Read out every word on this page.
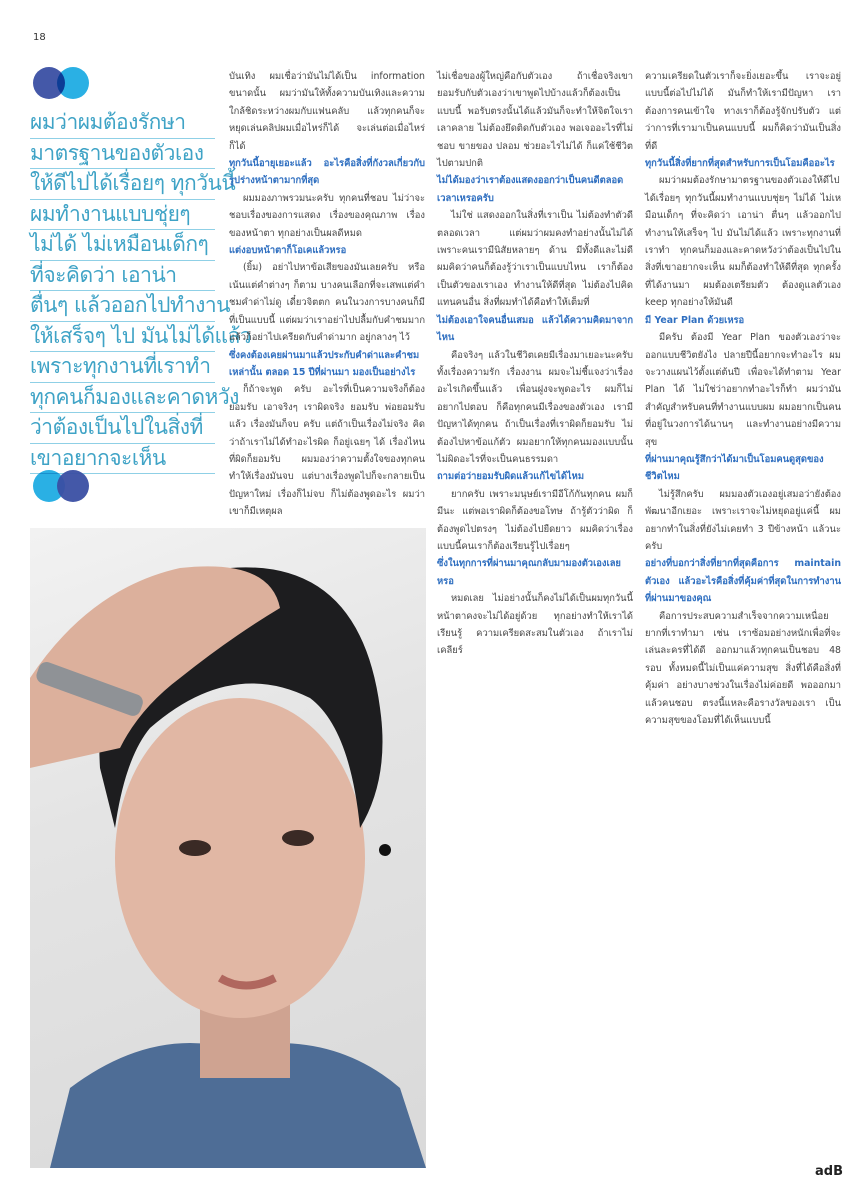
18
ผมว่าผมต้องรักษา
มาตรฐานของตัวเอง
ให้ดีไปได้เรื่อยๆ ทุกวันนี้
ผมทำงานแบบชุ่ยๆ
ไม่ได้ ไม่เหมือนเด็กๆ
ที่จะคิดว่า เอาน่า
ตื่นๆ แล้วออกไปทำงาน
ให้เสร็จๆ ไป มันไม่ได้แล้ว
เพราะทุกงานที่เราทำ
ทุกคนก็มองและคาดหวัง
ว่าต้องเป็นไปในสิ่งที่
เขาอยากจะเห็น

บันเทิง ผมเชื่อว่ามันไม่ได้เป็น information ขนาดนั้น ผมว่ามันให้ทั้งความบันเทิงและความใกล้ชิดระหว่างผมกับแฟนคลับ แล้วทุกคนก็จะหยุดเล่นคลิปผมเมื่อไหร่ก็ได้ จะเล่นต่อเมื่อไหร่ก็ได้

ทุกวันนี้อายุเยอะแล้ว อะไรคือสิ่งที่กังวลเกี่ยวกับรูปร่างหน้าตามากที่สุด

ผมมองภาพรวมนะครับ ทุกคนที่ชอบ ไม่ว่าจะชอบเรื่องของการแสดง เรื่องของคุณภาพ เรื่องของหน้าตา ทุกอย่างเป็นผลดีหมด

แต่งอบหน้าตาก็โอเคแล้วหรอ

(ยิ้ม) อย่าไปหาข้อเสียของมันเลยครับ หรือเน้นแต่คำต่างๆ ก็ตาม บางคนเลือกที่จะเสพแต่คำชมคำด่าไม่ดู เดี๋ยวจิตตก คนในวงการบางคนก็มีที่เป็นแบบนี้ แต่ผมว่าเราอย่าไปปลื้มกับคำชมมาก แล้วก็อย่าไปเครียดกับคำด่ามาก อยู่กลางๆ ไว้

ซึ่งคงต้องเคยผ่านมาแล้วประกับคำด่าและคำชมเหล่านั้น ตลอด 15 ปีที่ผ่านมา มองเป็นอย่างไร

ก็ถ้าจะพูด ครับ อะไรที่เป็นความจริงก็ต้องยอมรับ เอาจริงๆ เราผิดจริง ยอมรับ พ่อยอมรับแล้ว เรื่องมันก็จบ ครับ แต่ถ้าเป็นเรื่องไม่จริง คิดว่าถ้าเราไม่ได้ทำอะไรผิด ก็อยู่เฉยๆ ได้ เรื่องไหนที่ผิดก็ยอมรับ ผมมองว่าความตั้งใจของทุกคนทำให้เรื่องมันจบ แต่บางเรื่องพูดไปก็จะกลายเป็นปัญหาใหม่ เรื่องก็ไม่จบ ก็ไม่ต้องพูดอะไร ผมว่าเขาก็มีเหตุผล

ไม่เชื่อของผู้ใหญ่คือกับตัวเอง ถ้าเชื่อจริงเขายอมรับกับตัวเองว่าเขาพูดไปบ้างแล้วก็ต้องเป็นแบบนี้ พอรับตรงนั้นได้แล้วมันก็จะทำให้จิตใจเราเลาคลาย ไม่ต้องยึดติดกับตัวเอง พอเจออะไรที่ไม่ชอบ ขายของ ปลอม ช่วยอะไรไม่ได้ ก็แค่ใช้ชีวิตไปตามปกติ

ไม่ได้มองว่าเราต้องแสดงออกว่าเป็นคนดีตลอดเวลาเหรอครับ

ไม่ใช่ แสดงออกในสิ่งที่เราเป็น ไม่ต้องทำตัวดีตลอดเวลา แต่ผมว่าผมคงทำอย่างนั้นไม่ได้ เพราะคนเรามีนิสัยหลายๆ ด้าน มีทั้งดีและไม่ดี ผมคิดว่าคนก็ต้องรู้ว่าเราเป็นแบบไหน เราก็ต้องเป็นตัวของเราเอง ทำงานให้ดีที่สุด ไม่ต้องไปคิดแทนคนอื่น สิ่งที่ผมทำได้คือทำให้เต็มที่

ไม่ต้องเอาใจคนอื่นเสมอ แล้วได้ความคิดมาจากไหน

คือจริงๆ แล้วในชีวิตเคยมีเรื่องมาเยอะนะครับ ทั้งเรื่องความรัก เรื่องงาน ผมจะไม่ชี้แจงว่าเรื่องอะไรเกิดขึ้นแล้ว เพื่อนฝูงจะพูดอะไร ผมก็ไม่อยากไปตอบ ก็คือทุกคนมีเรื่องของตัวเอง เรามีปัญหาได้ทุกคน ถ้าเป็นเรื่องที่เราผิดก็ยอมรับ ไม่ต้องไปหาข้อแก้ตัว ผมอยากให้ทุกคนมองแบบนั้น ไม่ผิดอะไรที่จะเป็นคนธรรมดา

ถามต่อว่ายอมรับผิดแล้วแก้ไขได้ไหม

ยากครับ เพราะมนุษย์เรามีอีโก้กันทุกคน ผมก็มีนะ แต่พอเราผิดก็ต้องขอโทษ ถ้ารู้ตัวว่าผิด ก็ต้องพูดไปตรงๆ ไม่ต้องไปยืดยาว ผมคิดว่าเรื่องแบบนี้คนเราก็ต้องเรียนรู้ไปเรื่อยๆ

ซึ่งในทุกการที่ผ่านมาคุณกลับมามองตัวเองเลยหรอ

หมดเลย ไม่อย่างนั้นก็คงไม่ได้เป็นผมทุกวันนี้ หน้าตาคงจะไม่ได้อยู่ด้วย ทุกอย่างทำให้เราได้เรียนรู้ ความเครียดสะสมในตัวเอง ถ้าเราไม่เคลียร์

ความเครียดในตัวเราก็จะยิ่งเยอะขึ้น เราจะอยู่แบบนี้ต่อไปไม่ได้ มันก็ทำให้เรามีปัญหา เราต้องการคนเข้าใจ ทางเราก็ต้องรู้จักปรับตัว แต่ว่าการที่เรามาเป็นคนแบบนี้ ผมก็คิดว่ามันเป็นสิ่งที่ดี

ทุกวันนี้สิ่งที่ยากที่สุดสำหรับการเป็นโอมคืออะไร

ผมว่าผมต้องรักษามาตรฐานของตัวเองให้ดีไปได้เรื่อยๆ ทุกวันนี้ผมทำงานแบบชุ่ยๆ ไม่ได้ ไม่เหมือนเด็กๆ ที่จะคิดว่า เอาน่า ตื่นๆ แล้วออกไปทำงานให้เสร็จๆ ไป มันไม่ได้แล้ว เพราะทุกงานที่เราทำ ทุกคนก็มองและคาดหวังว่าต้องเป็นไปในสิ่งที่เขาอยากจะเห็น ผมก็ต้องทำให้ดีที่สุด ทุกครั้งที่ได้งานมา ผมต้องเตรียมตัว ต้องดูแลตัวเอง keep ทุกอย่างให้มันดี

มี Year Plan ด้วยเหรอ

มีครับ ต้องมี Year Plan ของตัวเองว่าจะออกแบบชีวิตยังไง ปลายปีนี้อยากจะทำอะไร ผมจะวางแผนไว้ตั้งแต่ต้นปี เพื่อจะได้ทำตาม Year Plan ได้ ไม่ใช่ว่าอยากทำอะไรก็ทำ ผมว่ามันสำคัญสำหรับคนที่ทำงานแบบผม ผมอยากเป็นคนที่อยู่ในวงการได้นานๆ และทำงานอย่างมีความสุข

ที่ผ่านมาคุณรู้สึกว่าได้มาเป็นโอมคนดูสุดของชีวิตไหม

ไม่รู้สึกครับ ผมมองตัวเองอยู่เสมอว่ายังต้องพัฒนาอีกเยอะ เพราะเราจะไม่หยุดอยู่แค่นี้ ผมอยากทำในสิ่งที่ยังไม่เคยทำ 3 ปีข้างหน้า แล้วนะครับ

อย่างที่บอกว่าสิ่งที่ยากที่สุดคือการ maintain ตัวเอง แล้วอะไรคือสิ่งที่คุ้มค่าที่สุดในการทำงานที่ผ่านมาของคุณ

คือการประสบความสำเร็จจากความเหนื่อยยากที่เราทำมา เช่น เราซ้อมอย่างหนักเพื่อที่จะเล่นละครที่ได้ดี ออกมาแล้วทุกคนเป็นชอบ 48 รอบ ทั้งหมดนี้ไม่เป็นแค่ความสุข สิ่งที่ได้คือสิ่งที่คุ้มค่า อย่างบางช่วงในเรื่องไม่ค่อยดี พอออกมาแล้วคนชอบ ตรงนี้แหละคือรางวัลของเรา เป็นความสุขของโอมที่ได้เห็นแบบนี้

adB
